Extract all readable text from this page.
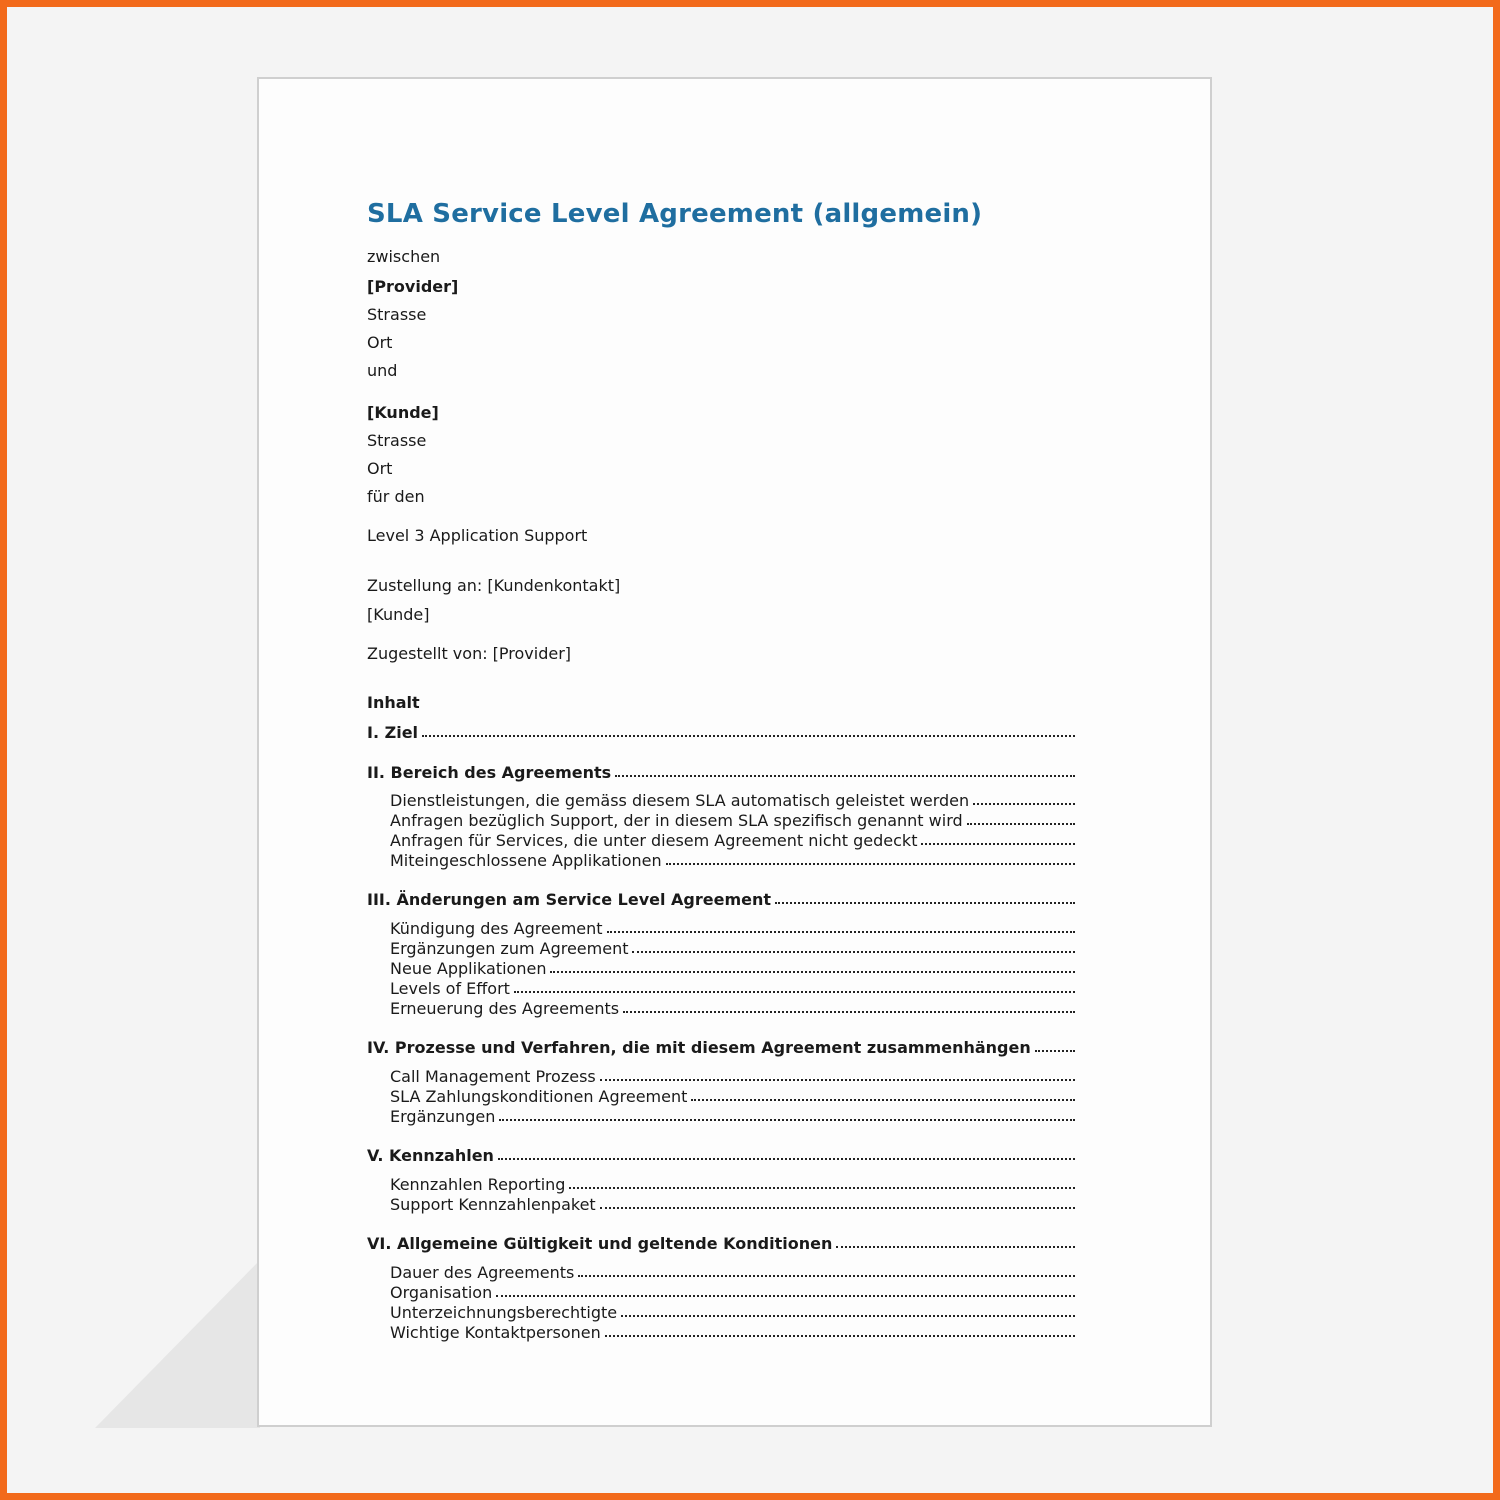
SLA Service Level Agreement (allgemein)
zwischen
[Provider]
Strasse
Ort
und
[Kunde]
Strasse
Ort
für den
Level 3 Application Support
Zustellung an: [Kundenkontakt]
[Kunde]
Zugestellt von: [Provider]
Inhalt
I. Ziel
II. Bereich des Agreements
Dienstleistungen, die gemäss diesem SLA automatisch geleistet werden
Anfragen bezüglich Support, der in diesem SLA spezifisch genannt wird
Anfragen für Services, die unter diesem Agreement nicht gedeckt
Miteingeschlossene Applikationen
III. Änderungen am Service Level Agreement
Kündigung des Agreement
Ergänzungen zum Agreement
Neue Applikationen
Levels of Effort
Erneuerung des Agreements
IV. Prozesse und Verfahren, die mit diesem Agreement zusammenhängen
Call Management Prozess
SLA Zahlungskonditionen Agreement
Ergänzungen
V. Kennzahlen
Kennzahlen Reporting
Support Kennzahlenpaket
VI. Allgemeine Gültigkeit und geltende Konditionen
Dauer des Agreements
Organisation
Unterzeichnungsberechtigte
Wichtige Kontaktpersonen
